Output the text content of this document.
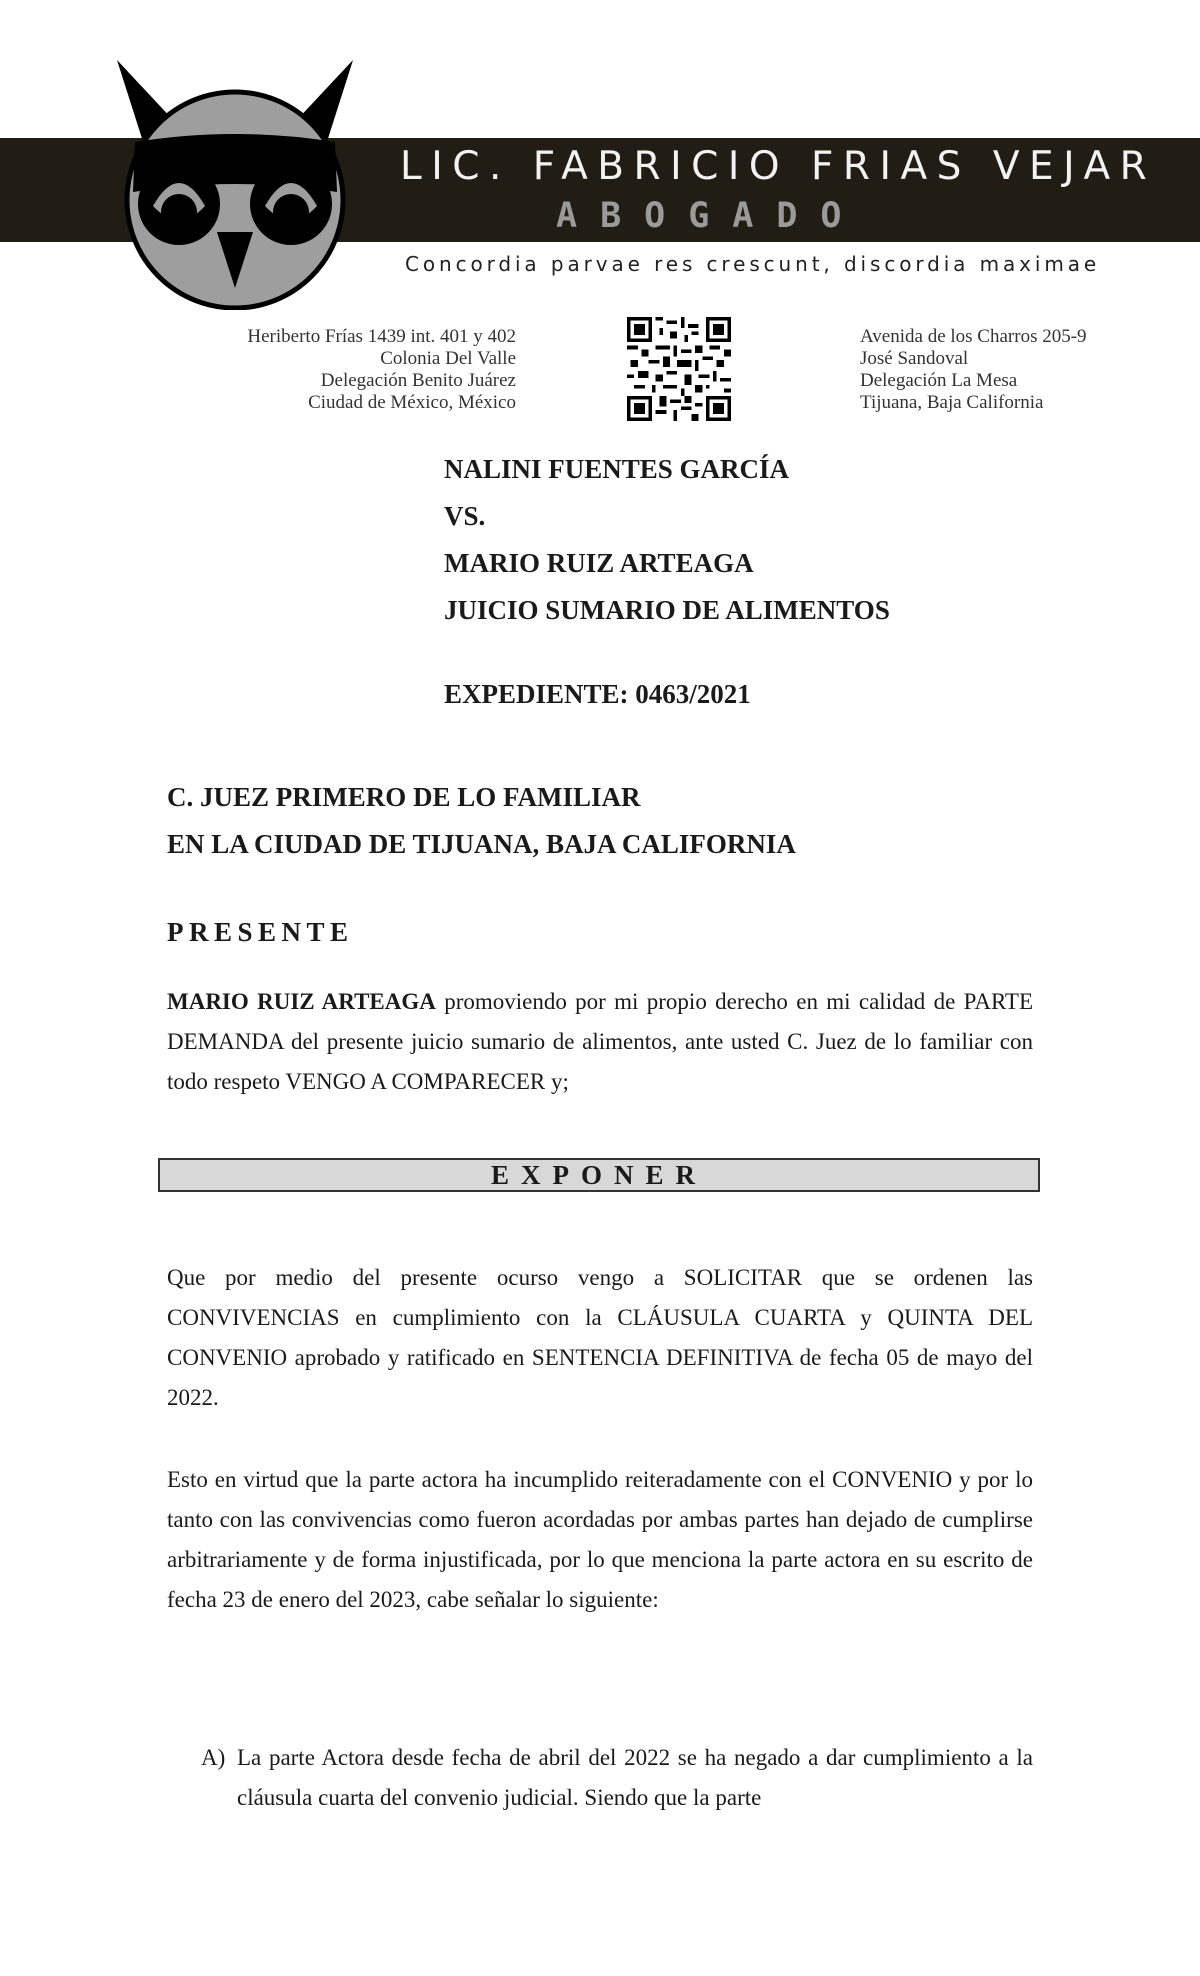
LIC. FABRICIO FRIAS VEJAR
ABOGADO
Concordia parvae res crescunt, discordia maximae
Heriberto Frías 1439 int. 401 y 402
Colonia Del Valle
Delegación Benito Juárez
Ciudad de México, México
Avenida de los Charros 205-9
José Sandoval
Delegación La Mesa
Tijuana, Baja California
NALINI FUENTES GARCÍA
VS.
MARIO RUIZ ARTEAGA
JUICIO SUMARIO DE ALIMENTOS
EXPEDIENTE: 0463/2021
C. JUEZ PRIMERO DE LO FAMILIAR
EN LA CIUDAD DE TIJUANA, BAJA CALIFORNIA
PRESENTE
MARIO RUIZ ARTEAGA promoviendo por mi propio derecho en mi calidad de PARTE DEMANDA del presente juicio sumario de alimentos, ante usted C. Juez de lo familiar con todo respeto VENGO A COMPARECER y;
EXPONER
Que por medio del presente ocurso vengo a SOLICITAR que se ordenen las CONVIVENCIAS en cumplimiento con la CLÁUSULA CUARTA y QUINTA DEL CONVENIO aprobado y ratificado en SENTENCIA DEFINITIVA de fecha 05 de mayo del 2022.
Esto en virtud que la parte actora ha incumplido reiteradamente con el CONVENIO y por lo tanto con las convivencias como fueron acordadas por ambas partes han dejado de cumplirse arbitrariamente y de forma injustificada, por lo que menciona la parte actora en su escrito de fecha 23 de enero del 2023, cabe señalar lo siguiente:
A) La parte Actora desde fecha de abril del 2022 se ha negado a dar cumplimiento a la cláusula cuarta del convenio judicial. Siendo que la parte
